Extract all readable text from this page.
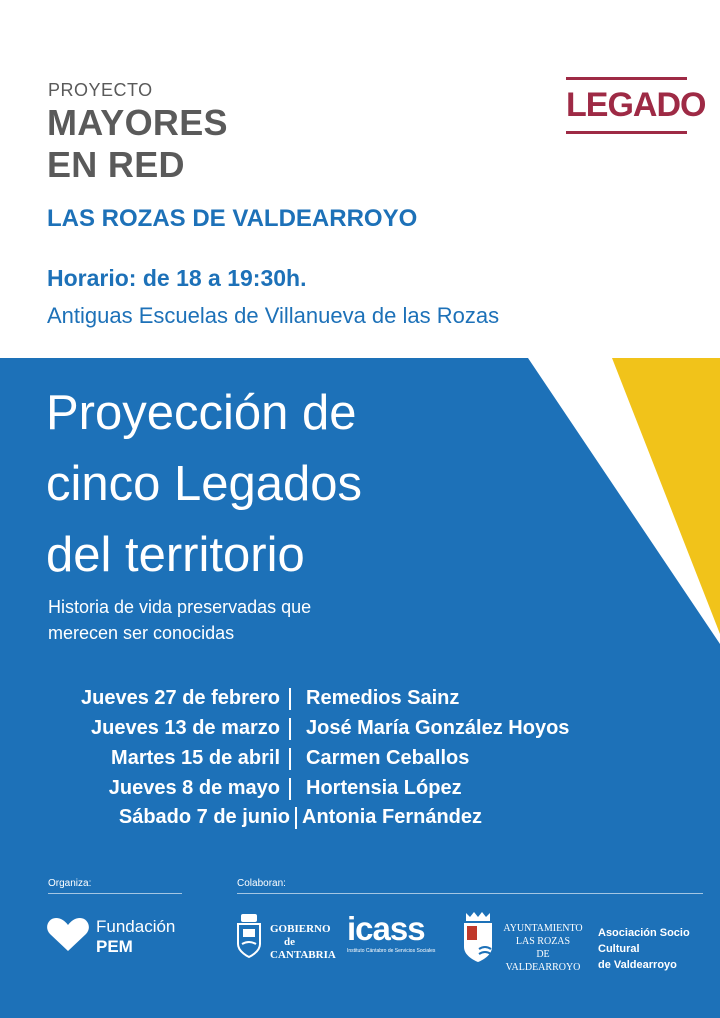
PROYECTO
MAYORES
EN RED
LEGADO
LAS ROZAS DE VALDEARROYO
Horario: de 18 a 19:30h.
Antiguas Escuelas de Villanueva de las Rozas
Proyección de
cinco Legados
del territorio
Historia de vida preservadas que
merecen ser conocidas
Jueves 27 de febrero Remedios Sainz
Jueves 13 de marzo José María González Hoyos
Martes 15 de abril Carmen Ceballos
Jueves 8 de mayo Hortensia López
Sábado 7 de junio Antonia Fernández
Organiza:	Colaboran:
Fundación
PEM
GOBIERNO
de
CANTABRIA
icass
Instituto Cántabro de Servicios Sociales
AYUNTAMIENTO
LAS ROZAS
DE VALDEARROYO
Asociación Socio Cultural
de Valdearroyo
